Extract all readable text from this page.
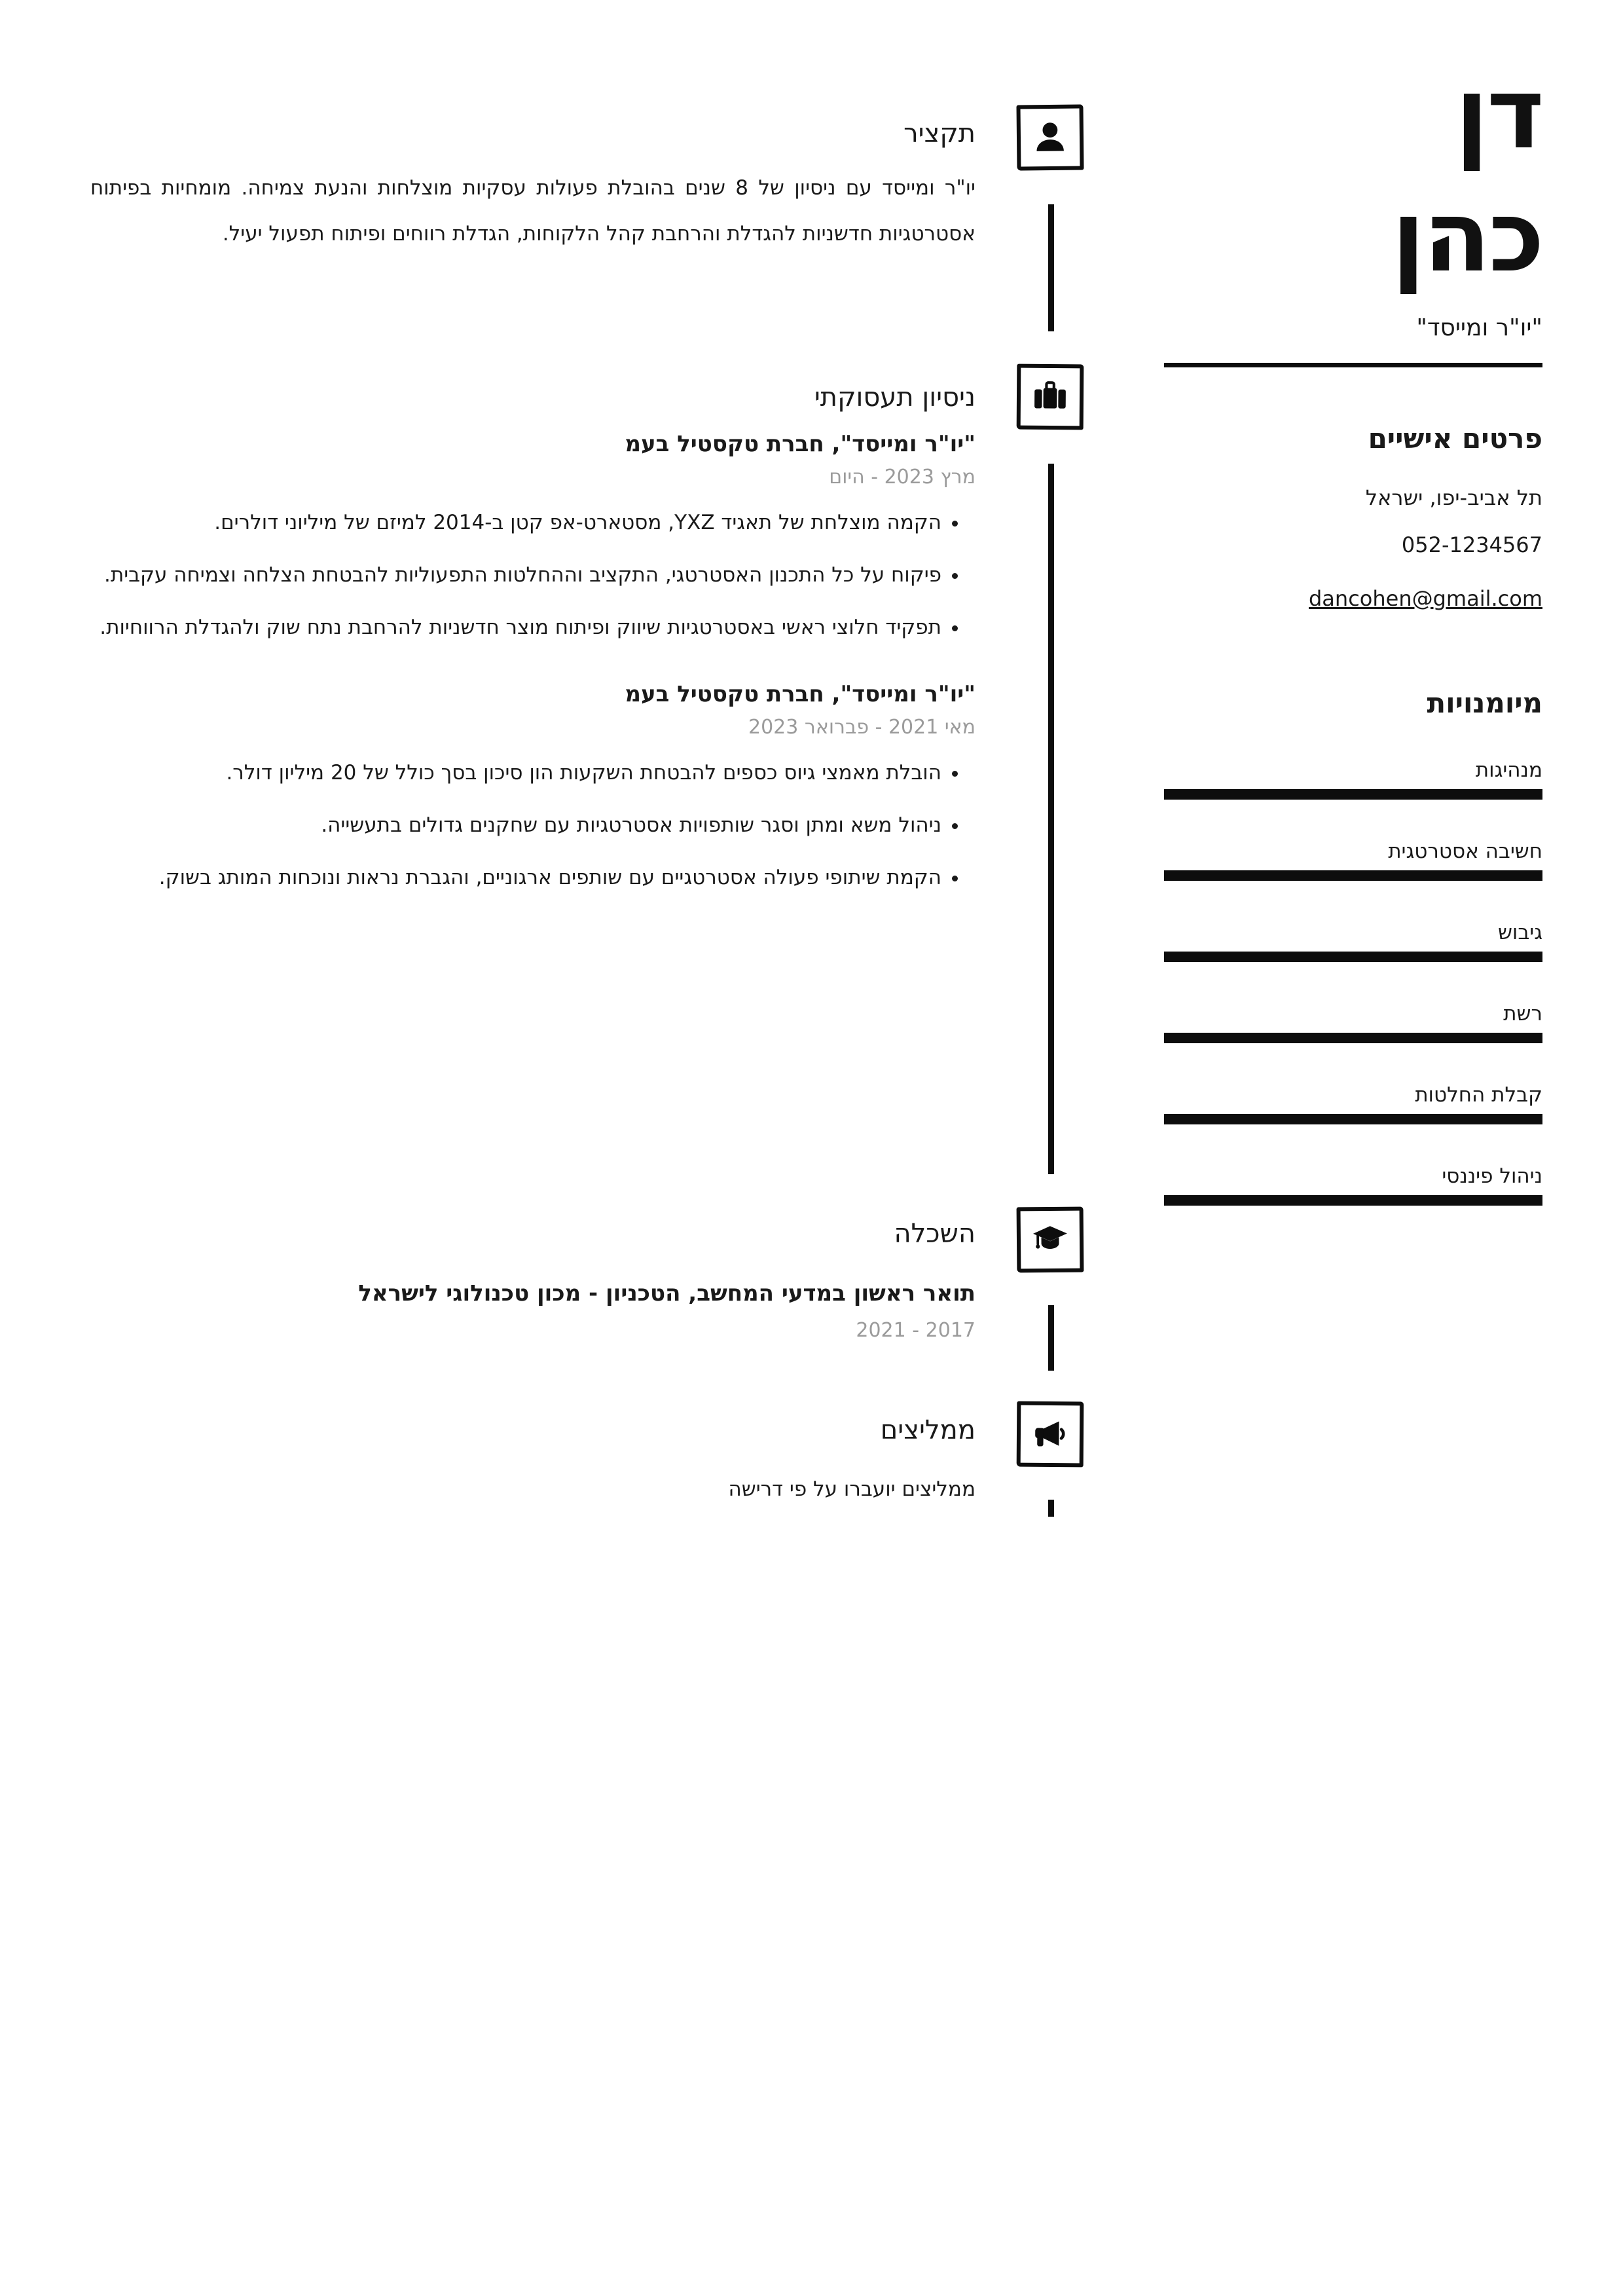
תקציר

יו"ר ומייסד עם ניסיון של 8 שנים בהובלת פעולות עסקיות מוצלחות והנעת צמיחה. מומחיות בפיתוח אסטרטגיות חדשניות להגדלת והרחבת קהל הלקוחות, הגדלת רווחים ופיתוח תפעול יעיל.

ניסיון תעסוקתי
"יו"ר ומייסד", חברת טקסטיל בעמ
מרץ 2023 - היום
• הקמה מוצלחת של תאגיד YXZ, מסטארט-אפ קטן ב-2014 למיזם של מיליוני דולרים.
• פיקוח על כל התכנון האסטרטגי, התקציב וההחלטות התפעוליות להבטחת הצלחה וצמיחה עקבית.
• תפקיד חלוצי ראשי באסטרטגיות שיווק ופיתוח מוצר חדשניות להרחבת נתח שוק ולהגדלת הרווחיות.
"יו"ר ומייסד", חברת טקסטיל בעמ
מאי 2021 - פברואר 2023
• הובלת מאמצי גיוס כספים להבטחת השקעות הון סיכון בסך כולל של 20 מיליון דולר.
• ניהול משא ומתן וסגר שותפויות אסטרטגיות עם שחקנים גדולים בתעשייה.
• הקמת שיתופי פעולה אסטרטגיים עם שותפים ארגוניים, והגברת נראות ונוכחות המותג בשוק.
השכלה
תואר ראשון במדעי המחשב, הטכניון - מכון טכנולוגי לישראל
2017 - 2021
ממליצים

ממליצים יועברו על פי דרישה

דן
כהן
"יו"ר ומייסד"
פרטים אישיים
תל אביב-יפו, ישראל
052-1234567
dancohen@gmail.com
מיומנויות
מנהיגות
חשיבה אסטרטגית
גיבוש
רשת
קבלת החלטות
ניהול פיננסי
